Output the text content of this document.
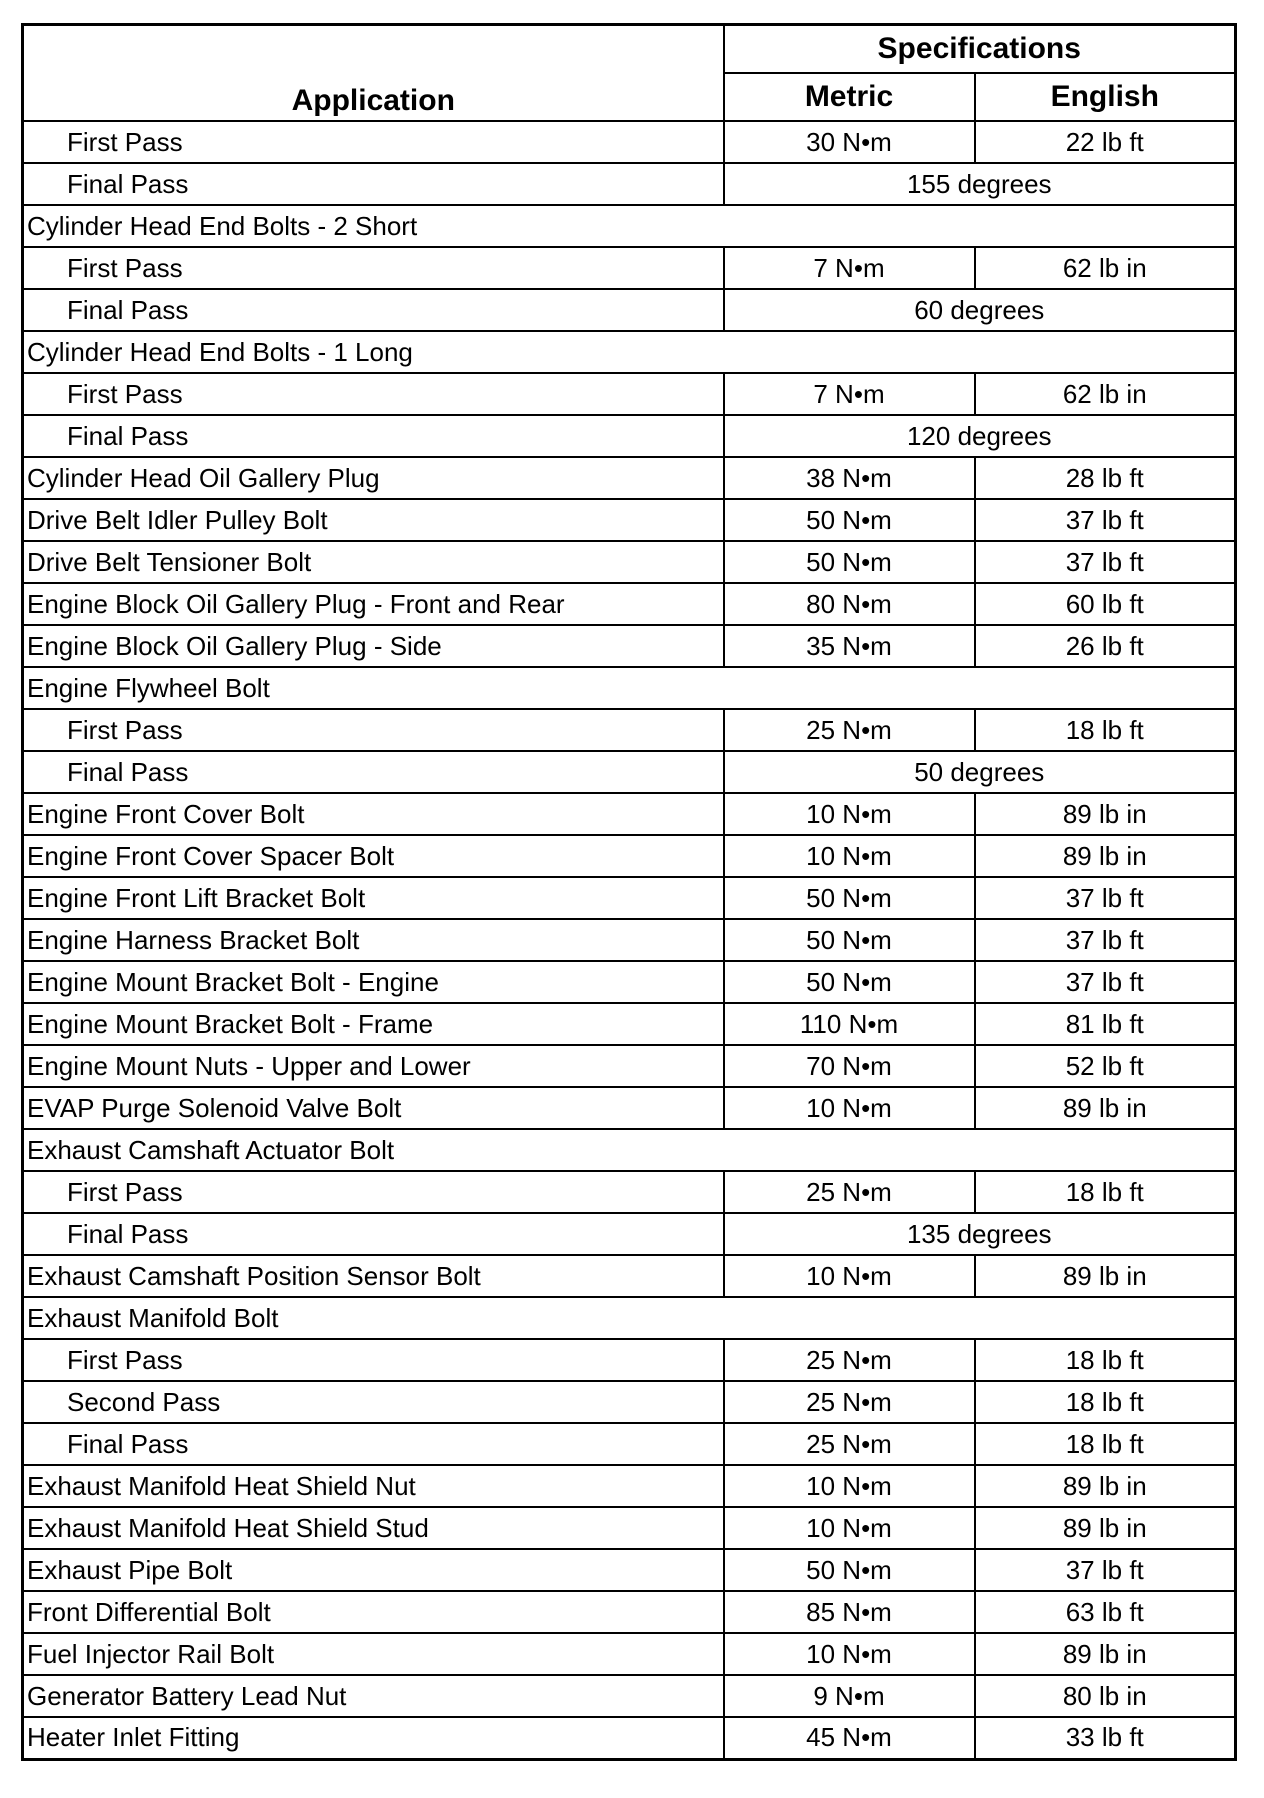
Application	Specifications	
	Metric	English
First Pass	30 N•m	22 lb ft
Final Pass	155 degrees	
Cylinder Head End Bolts - 2 Short		
First Pass	7 N•m	62 lb in
Final Pass	60 degrees	
Cylinder Head End Bolts - 1 Long		
First Pass	7 N•m	62 lb in
Final Pass	120 degrees	
Cylinder Head Oil Gallery Plug	38 N•m	28 lb ft
Drive Belt Idler Pulley Bolt	50 N•m	37 lb ft
Drive Belt Tensioner Bolt	50 N•m	37 lb ft
Engine Block Oil Gallery Plug - Front and Rear	80 N•m	60 lb ft
Engine Block Oil Gallery Plug - Side	35 N•m	26 lb ft
Engine Flywheel Bolt		
First Pass	25 N•m	18 lb ft
Final Pass	50 degrees	
Engine Front Cover Bolt	10 N•m	89 lb in
Engine Front Cover Spacer Bolt	10 N•m	89 lb in
Engine Front Lift Bracket Bolt	50 N•m	37 lb ft
Engine Harness Bracket Bolt	50 N•m	37 lb ft
Engine Mount Bracket Bolt - Engine	50 N•m	37 lb ft
Engine Mount Bracket Bolt - Frame	110 N•m	81 lb ft
Engine Mount Nuts - Upper and Lower	70 N•m	52 lb ft
EVAP Purge Solenoid Valve Bolt	10 N•m	89 lb in
Exhaust Camshaft Actuator Bolt		
First Pass	25 N•m	18 lb ft
Final Pass	135 degrees	
Exhaust Camshaft Position Sensor Bolt	10 N•m	89 lb in
Exhaust Manifold Bolt		
First Pass	25 N•m	18 lb ft
Second Pass	25 N•m	18 lb ft
Final Pass	25 N•m	18 lb ft
Exhaust Manifold Heat Shield Nut	10 N•m	89 lb in
Exhaust Manifold Heat Shield Stud	10 N•m	89 lb in
Exhaust Pipe Bolt	50 N•m	37 lb ft
Front Differential Bolt	85 N•m	63 lb ft
Fuel Injector Rail Bolt	10 N•m	89 lb in
Generator Battery Lead Nut	9 N•m	80 lb in
Heater Inlet Fitting	45 N•m	33 lb ft
